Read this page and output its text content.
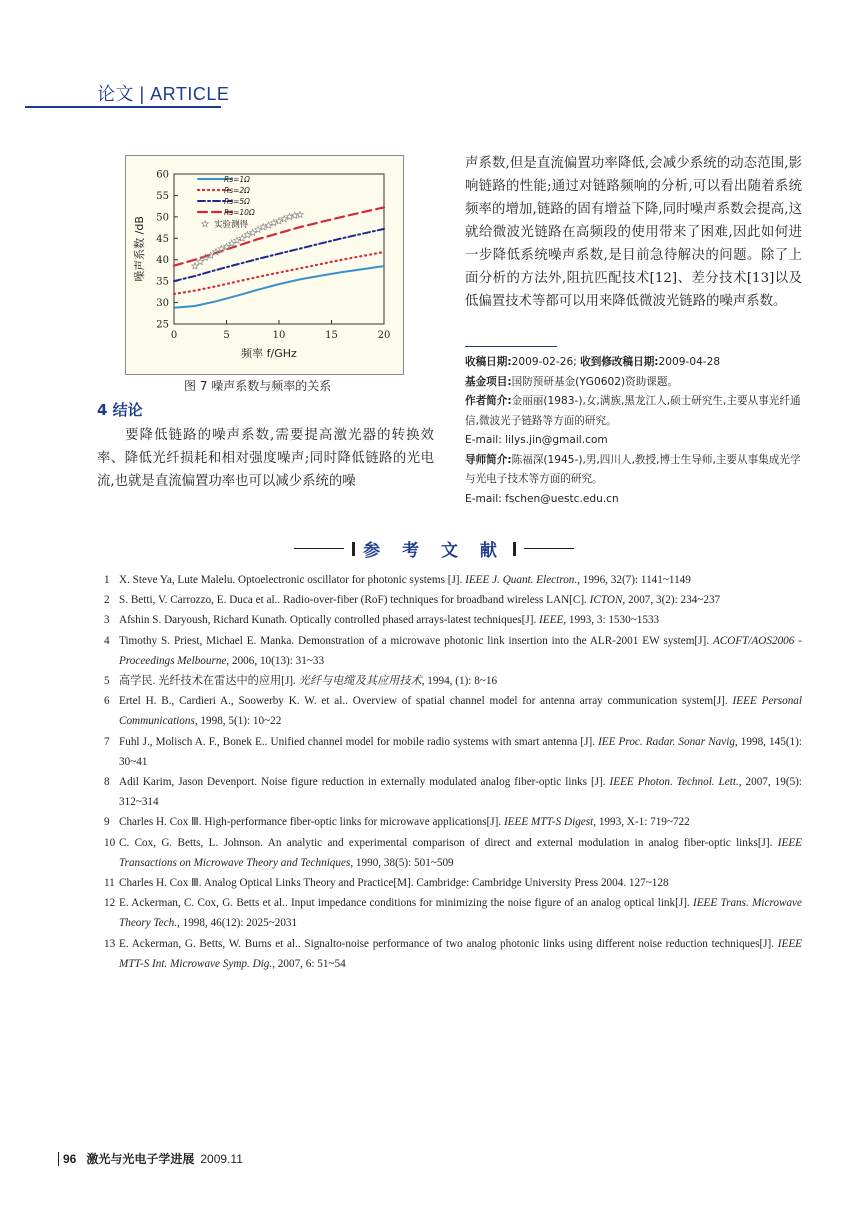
论文 | ARTICLE
0	5	10	15	20
25
30
35
40
45
50
55
60
频率 f/GHz
噪声系数 /dB
Rs=1Ω
Rs=2Ω
Rs=5Ω
Rs=10Ω
实验测得
图 7 噪声系数与频率的关系
4 结论
要降低链路的噪声系数,需要提高激光器的转换效率、降低光纤损耗和相对强度噪声;同时降低链路的光电流,也就是直流偏置功率也可以减少系统的噪
声系数,但是直流偏置功率降低,会减少系统的动态范围,影响链路的性能;通过对链路频响的分析,可以看出随着系统频率的增加,链路的固有增益下降,同时噪声系数会提高,这就给微波光链路在高频段的使用带来了困难,因此如何进一步降低系统噪声系数,是目前急待解决的问题。除了上面分析的方法外,阻抗匹配技术[12]、差分技术[13]以及低偏置技术等都可以用来降低微波光链路的噪声系数。
收稿日期:2009-02-26; 收到修改稿日期:2009-04-28
基金项目:国防预研基金(YG0602)资助课题。
作者简介:金丽丽(1983-),女,满族,黑龙江人,硕士研究生,主要从事光纤通信,微波光子链路等方面的研究。
E-mail: lilys.jin@gmail.com
导师简介:陈福深(1945-),男,四川人,教授,博士生导师,主要从事集成光学与光电子技术等方面的研究。
E-mail: fschen@uestc.edu.cn
参 考 文 献
1 X. Steve Ya, Lute Malelu. Optoelectronic oscillator for photonic systems [J]. IEEE J. Quant. Electron., 1996, 32(7): 1141~1149
2 S. Betti, V. Carrozzo, E. Duca et al.. Radio-over-fiber (RoF) techniques for broadband wireless LAN[C]. ICTON, 2007, 3(2): 234~237
3 Afshin S. Daryoush, Richard Kunath. Optically controlled phased arrays-latest techniques[J]. IEEE, 1993, 3: 1530~1533
4 Timothy S. Priest, Michael E. Manka. Demonstration of a microwave photonic link insertion into the ALR-2001 EW system[J]. ACOFT/AOS2006 - Proceedings Melbourne, 2006, 10(13): 31~33
5 高学民. 光纤技术在雷达中的应用[J]. 光纤与电缆及其应用技术, 1994, (1): 8~16
6 Ertel H. B., Cardieri A., Soowerby K. W. et al.. Overview of spatial channel model for antenna array communication system[J]. IEEE Personal Communications, 1998, 5(1): 10~22
7 Fuhl J., Molisch A. F., Bonek E.. Unified channel model for mobile radio systems with smart antenna [J]. IEE Proc. Radar. Sonar Navig, 1998, 145(1): 30~41
8 Adil Karim, Jason Devenport. Noise figure reduction in externally modulated analog fiber-optic links [J]. IEEE Photon. Technol. Lett., 2007, 19(5): 312~314
9 Charles H. Cox Ⅲ. High-performance fiber-optic links for microwave applications[J]. IEEE MTT-S Digest, 1993, X-1: 719~722
10 C. Cox, G. Betts, L. Johnson. An analytic and experimental comparison of direct and external modulation in analog fiber-optic links[J]. IEEE Transactions on Microwave Theory and Techniques, 1990, 38(5): 501~509
11 Charles H. Cox Ⅲ. Analog Optical Links Theory and Practice[M]. Cambridge: Cambridge University Press 2004. 127~128
12 E. Ackerman, C. Cox, G. Betts et al.. Input impedance conditions for minimizing the noise figure of an analog optical link[J]. IEEE Trans. Microwave Theory Tech., 1998, 46(12): 2025~2031
13 E. Ackerman, G. Betts, W. Burns et al.. Signalto-noise performance of two analog photonic links using different noise reduction techniques[J]. IEEE MTT-S Int. Microwave Symp. Dig., 2007, 6: 51~54
96 激光与光电子学进展 2009.11
